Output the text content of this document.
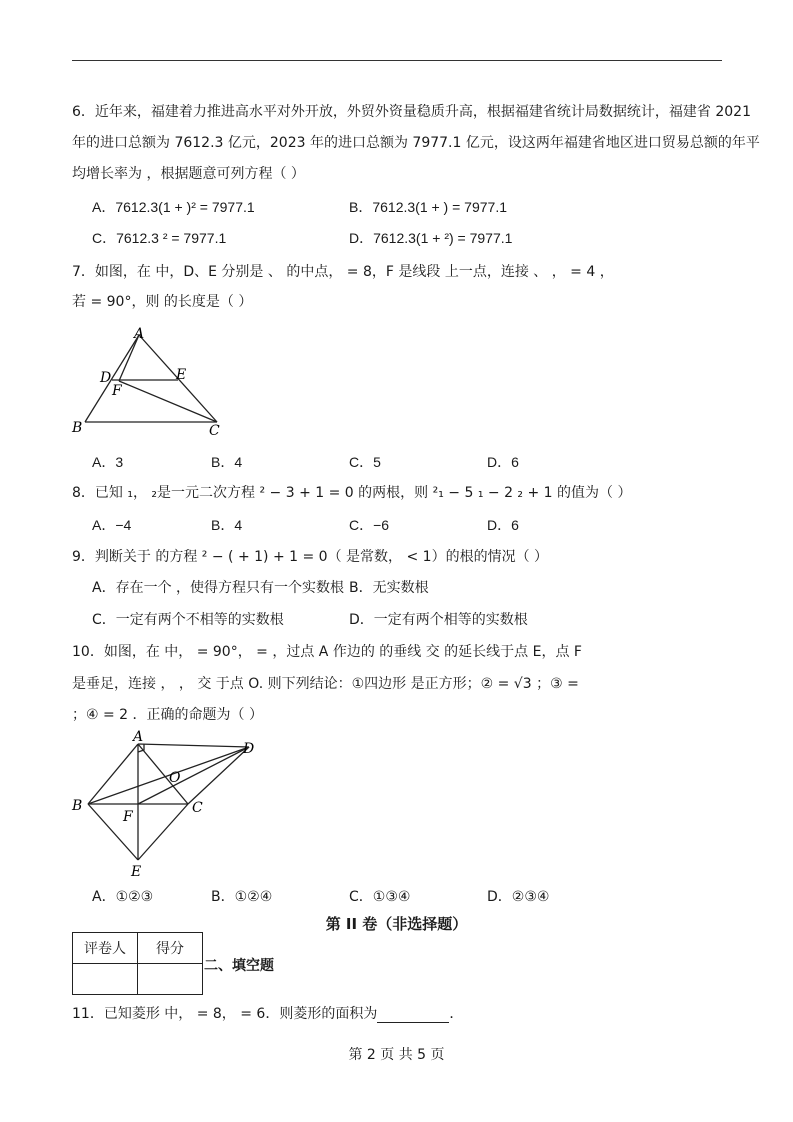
6．近年来，福建着力推进高水平对外开放，外贸外资量稳质升高，根据福建省统计局数据统计，福建省 2021
年的进口总额为 7612.3 亿元，2023 年的进口总额为 7977.1 亿元，设这两年福建省地区进口贸易总额的年平
均增长率为 ，根据题意可列方程（ ）
A．7612.3(1 + )² = 7977.1	B．7612.3(1 + ) = 7977.1
C．7612.3 ² = 7977.1	D．7612.3(1 + ²) = 7977.1
7．如图，在 中，D、E 分别是 、 的中点， = 8，F 是线段 上一点，连接 、 ， = 4 ，
若 = 90°，则 的长度是（ ）
A
D	E
F
B	C
A．3	B．4	C．5	D．6
8．已知 ₁， ₂是一元二次方程 ² − 3 + 1 = 0 的两根，则 ²₁ − 5 ₁ − 2 ₂ + 1 的值为（ ）
A．−4	B．4	C．−6	D．6
9．判断关于 的方程 ² − ( + 1) + 1 = 0（ 是常数， < 1）的根的情况（ ）
A．存在一个 ，使得方程只有一个实数根 B．无实数根
C．一定有两个不相等的实数根	D．一定有两个相等的实数根
10．如图，在 中， = 90°， = ，过点 A 作边的 的垂线 交 的延长线于点 E，点 F
是垂足，连接 ， ， 交 于点 O. 则下列结论：①四边形 是正方形；② = √3 ；③ =
；④ = 2 ．正确的命题为（ ）
A
D
O
B	C
F
E
A．①②③	B．①②④	C．①③④	D．②③④
第 II 卷（非选择题）
评卷人	得分

二、填空题
11．已知菱形 中， = 8， = 6．则菱形的面积为	．
第 2 页 共 5 页
